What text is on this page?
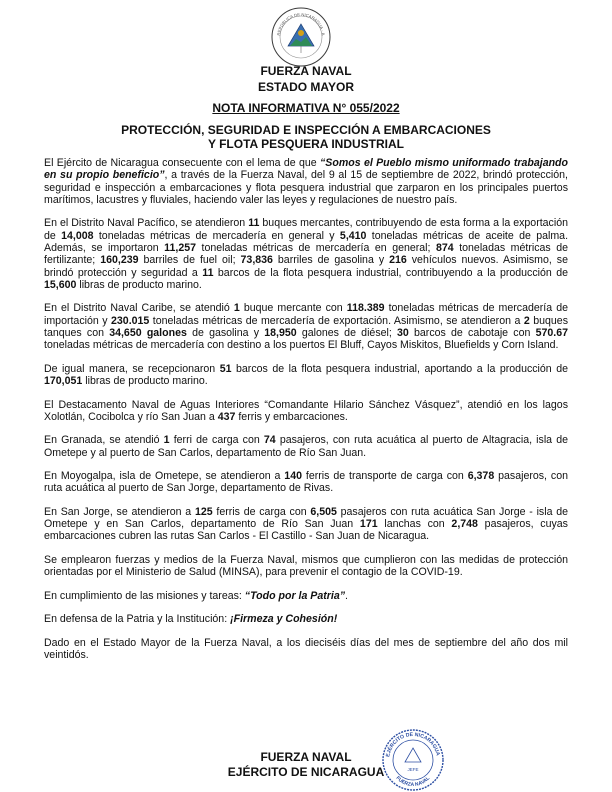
REPÚBLICA DE NICARAGUA · A
FUERZA NAVAL
ESTADO MAYOR
NOTA INFORMATIVA N° 055/2022
PROTECCIÓN, SEGURIDAD E INSPECCIÓN A EMBARCACIONES
Y FLOTA PESQUERA INDUSTRIAL

El Ejército de Nicaragua consecuente con el lema de que “Somos el Pueblo mismo uniformado trabajando en su propio beneficio”, a través de la Fuerza Naval, del 9 al 15 de septiembre de 2022, brindó protección, seguridad e inspección a embarcaciones y flota pesquera industrial que zarparon en los principales puertos marítimos, lacustres y fluviales, haciendo valer las leyes y regulaciones de nuestro país.

En el Distrito Naval Pacífico, se atendieron 11 buques mercantes, contribuyendo de esta forma a la exportación de 14,008 toneladas métricas de mercadería en general y 5,410 toneladas métricas de aceite de palma. Además, se importaron 11,257 toneladas métricas de mercadería en general; 874 toneladas métricas de fertilizante; 160,239 barriles de fuel oil; 73,836 barriles de gasolina y 216 vehículos nuevos. Asimismo, se brindó protección y seguridad a 11 barcos de la flota pesquera industrial, contribuyendo a la producción de 15,600 libras de producto marino.

En el Distrito Naval Caribe, se atendió 1 buque mercante con 118.389 toneladas métricas de mercadería de importación y 230.015 toneladas métricas de mercadería de exportación. Asimismo, se atendieron a 2 buques tanques con 34,650 galones de gasolina y 18,950 galones de diésel; 30 barcos de cabotaje con 570.67 toneladas métricas de mercadería con destino a los puertos El Bluff, Cayos Miskitos, Bluefields y Corn Island.

De igual manera, se recepcionaron 51 barcos de la flota pesquera industrial, aportando a la producción de 170,051 libras de producto marino.

El Destacamento Naval de Aguas Interiores “Comandante Hilario Sánchez Vásquez”, atendió en los lagos Xolotlán, Cocibolca y río San Juan a 437 ferris y embarcaciones.

En Granada, se atendió 1 ferri de carga con 74 pasajeros, con ruta acuática al puerto de Altagracia, isla de Ometepe y al puerto de San Carlos, departamento de Río San Juan.

En Moyogalpa, isla de Ometepe, se atendieron a 140 ferris de transporte de carga con 6,378 pasajeros, con ruta acuática al puerto de San Jorge, departamento de Rivas.

En San Jorge, se atendieron a 125 ferris de carga con 6,505 pasajeros con ruta acuática San Jorge - isla de Ometepe y en San Carlos, departamento de Río San Juan 171 lanchas con 2,748 pasajeros, cuyas embarcaciones cubren las rutas San Carlos - El Castillo - San Juan de Nicaragua.

Se emplearon fuerzas y medios de la Fuerza Naval, mismos que cumplieron con las medidas de protección orientadas por el Ministerio de Salud (MINSA), para prevenir el contagio de la COVID-19.

En cumplimiento de las misiones y tareas: “Todo por la Patria”.

En defensa de la Patria y la Institución: ¡Firmeza y Cohesión!

Dado en el Estado Mayor de la Fuerza Naval, a los dieciséis días del mes de septiembre del año dos mil veintidós.

FUERZA NAVAL
EJÉRCITO DE NICARAGUA
EJÉRCITO DE NICARAGUA
FUERZA NAVAL
JEFE
